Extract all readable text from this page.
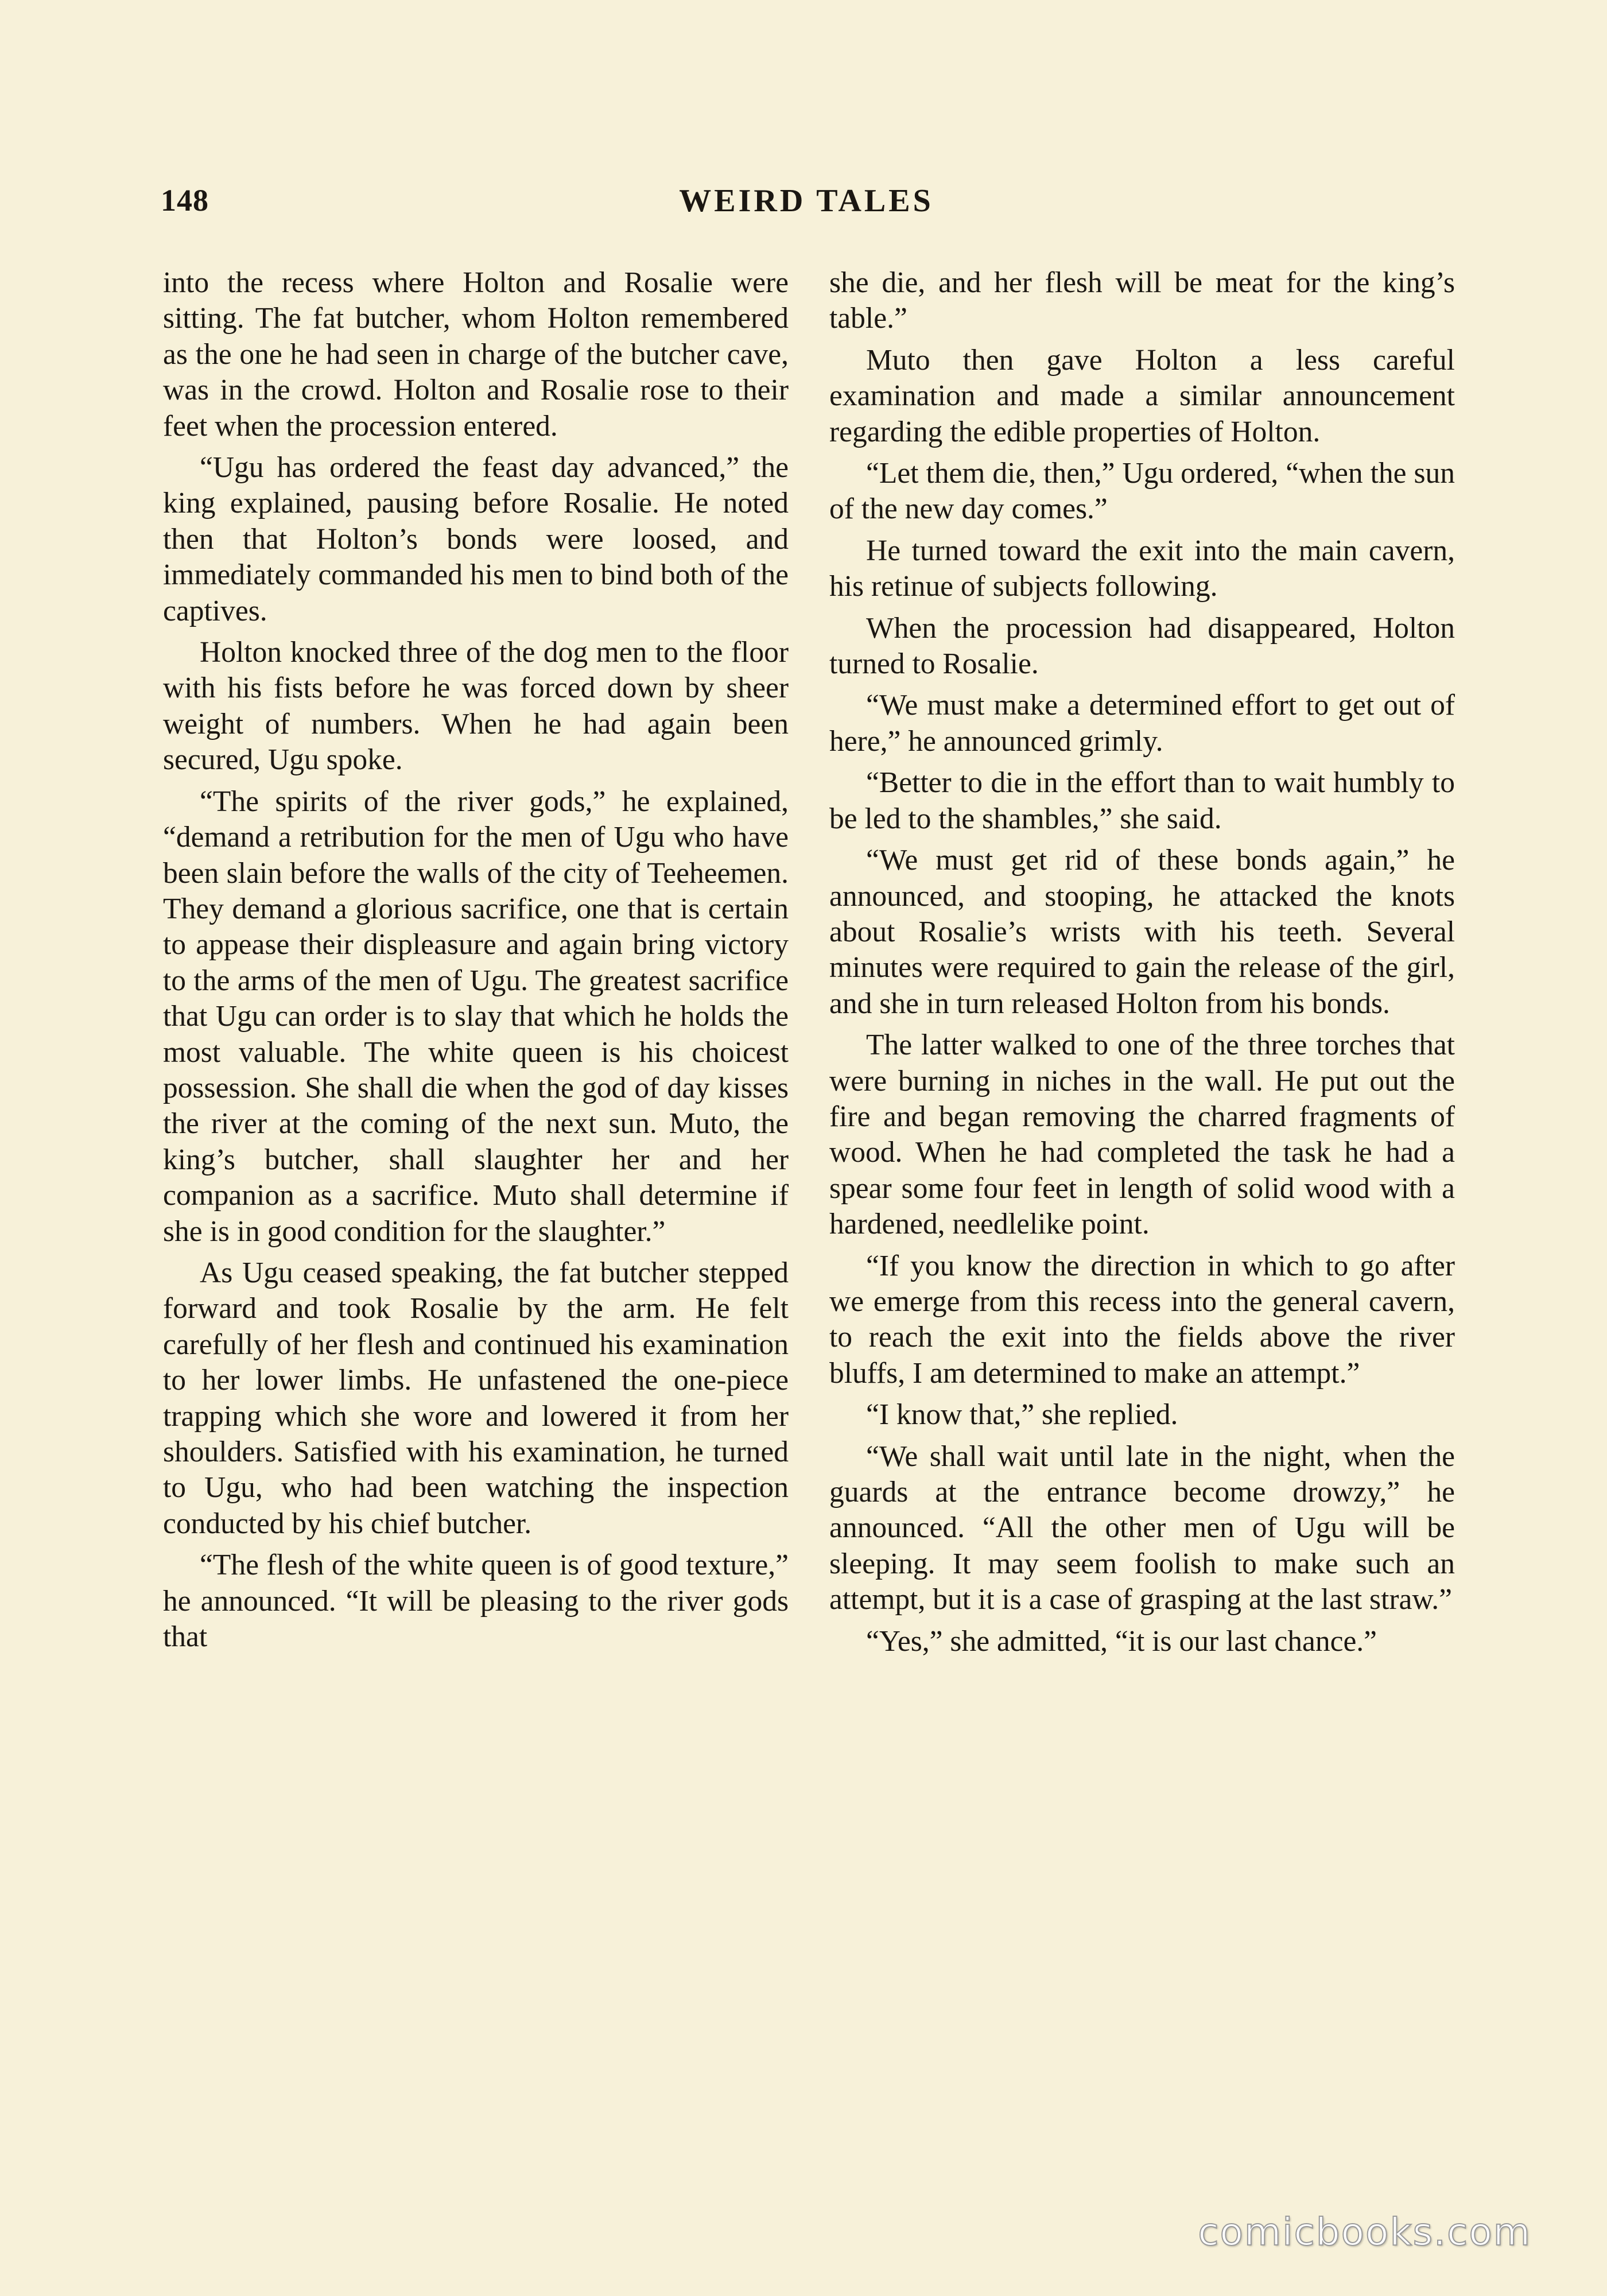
148	WEIRD TALES

into the recess where Holton and Rosalie were sitting. The fat butcher, whom Holton remembered as the one he had seen in charge of the butcher cave, was in the crowd. Holton and Rosalie rose to their feet when the procession entered.

“Ugu has ordered the feast day advanced,” the king explained, pausing before Rosalie. He noted then that Holton’s bonds were loosed, and immediately commanded his men to bind both of the captives.

Holton knocked three of the dog men to the floor with his fists before he was forced down by sheer weight of numbers. When he had again been secured, Ugu spoke.

“The spirits of the river gods,” he explained, “demand a retribution for the men of Ugu who have been slain before the walls of the city of Teeheemen. They demand a glorious sacrifice, one that is certain to appease their displeasure and again bring victory to the arms of the men of Ugu. The greatest sacrifice that Ugu can order is to slay that which he holds the most valuable. The white queen is his choicest possession. She shall die when the god of day kisses the river at the coming of the next sun. Muto, the king’s butcher, shall slaughter her and her companion as a sacrifice. Muto shall determine if she is in good condition for the slaughter.”

As Ugu ceased speaking, the fat butcher stepped forward and took Rosalie by the arm. He felt carefully of her flesh and continued his examination to her lower limbs. He unfastened the one-piece trapping which she wore and lowered it from her shoulders. Satisfied with his examination, he turned to Ugu, who had been watching the inspection conducted by his chief butcher.

“The flesh of the white queen is of good texture,” he announced. “It will be pleasing to the river gods that

she die, and her flesh will be meat for the king’s table.”

Muto then gave Holton a less careful examination and made a similar announcement regarding the edible properties of Holton.

“Let them die, then,” Ugu ordered, “when the sun of the new day comes.”

He turned toward the exit into the main cavern, his retinue of subjects following.

When the procession had disappeared, Holton turned to Rosalie.

“We must make a determined effort to get out of here,” he announced grimly.

“Better to die in the effort than to wait humbly to be led to the shambles,” she said.

“We must get rid of these bonds again,” he announced, and stooping, he attacked the knots about Rosalie’s wrists with his teeth. Several minutes were required to gain the release of the girl, and she in turn released Holton from his bonds.

The latter walked to one of the three torches that were burning in niches in the wall. He put out the fire and began removing the charred fragments of wood. When he had completed the task he had a spear some four feet in length of solid wood with a hardened, needlelike point.

“If you know the direction in which to go after we emerge from this recess into the general cavern, to reach the exit into the fields above the river bluffs, I am determined to make an attempt.”

“I know that,” she replied.

“We shall wait until late in the night, when the guards at the entrance become drowzy,” he announced. “All the other men of Ugu will be sleeping. It may seem foolish to make such an attempt, but it is a case of grasping at the last straw.”

“Yes,” she admitted, “it is our last chance.”

comicbooks.com
